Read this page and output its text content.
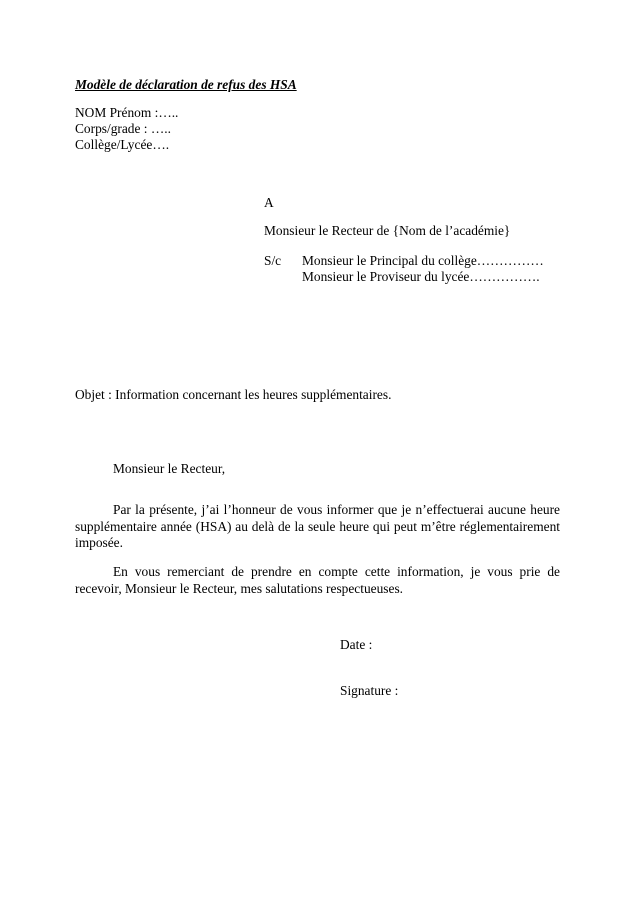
Modèle de déclaration de refus des HSA
NOM Prénom :…..
Corps/grade : …..
Collège/Lycée….
A
Monsieur le Recteur de {Nom de l’académie}
S/c Monsieur le Principal du collège……………
Monsieur le Proviseur du lycée…………….
Objet : Information concernant les heures supplémentaires.
Monsieur le Recteur,
Par la présente, j’ai l’honneur de vous informer que je n’effectuerai aucune heure supplémentaire année (HSA) au delà de la seule heure qui peut m’être réglementairement imposée.
En vous remerciant de prendre en compte cette information, je vous prie de recevoir, Monsieur le Recteur, mes salutations respectueuses.
Date :
Signature :
